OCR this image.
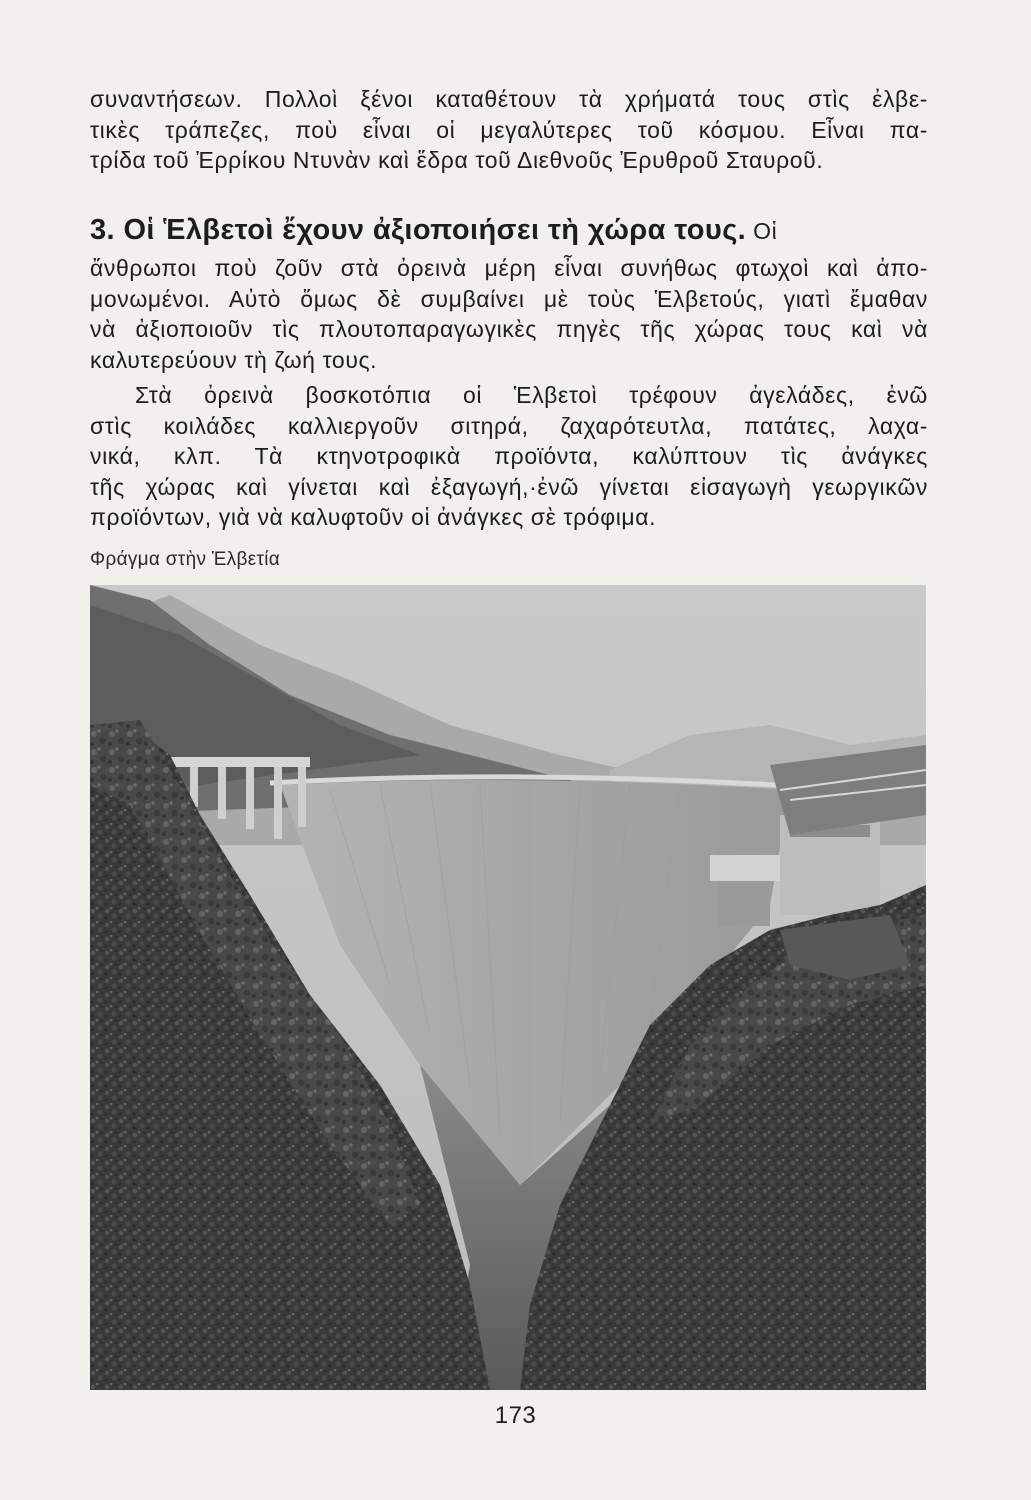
συναντήσεων. Πολλοὶ ξένοι καταθέτουν τὰ χρήματά τους στὶς ἐλβε-
τικὲς τράπεζες, ποὺ εἶναι οἱ μεγαλύτερες τοῦ κόσμου. Εἶναι πα-
τρίδα τοῦ Ἐρρίκου Ντυνὰν καὶ ἕδρα τοῦ Διεθνοῦς Ἐρυθροῦ Σταυροῦ.
3. Οἱ Ἑλβετοὶ ἔχουν ἀξιοποιήσει τὴ χώρα τους. Οἱ
ἄνθρωποι ποὺ ζοῦν στὰ ὀρεινὰ μέρη εἶναι συνήθως φτωχοὶ καὶ ἀπο-
μονωμένοι. Αὐτὸ ὅμως δὲ συμβαίνει μὲ τοὺς Ἑλβετούς, γιατὶ ἔμαθαν
νὰ ἀξιοποιοῦν τὶς πλουτοπαραγωγικὲς πηγὲς τῆς χώρας τους καὶ νὰ
καλυτερεύουν τὴ ζωή τους.
Στὰ ὀρεινὰ βοσκοτόπια οἱ Ἑλβετοὶ τρέφουν ἀγελάδες, ἐνῶ
στὶς κοιλάδες καλλιεργοῦν σιτηρά, ζαχαρότευτλα, πατάτες, λαχα-
νικά, κλπ. Τὰ κτηνοτροφικὰ προϊόντα, καλύπτουν τὶς ἀνάγκες
τῆς χώρας καὶ γίνεται καὶ ἐξαγωγή,·ἐνῶ γίνεται εἰσαγωγὴ γεωργικῶν
προϊόντων, γιὰ νὰ καλυφτοῦν οἱ ἀνάγκες σὲ τρόφιμα.
Φράγμα στὴν Ἑλβετία
173
